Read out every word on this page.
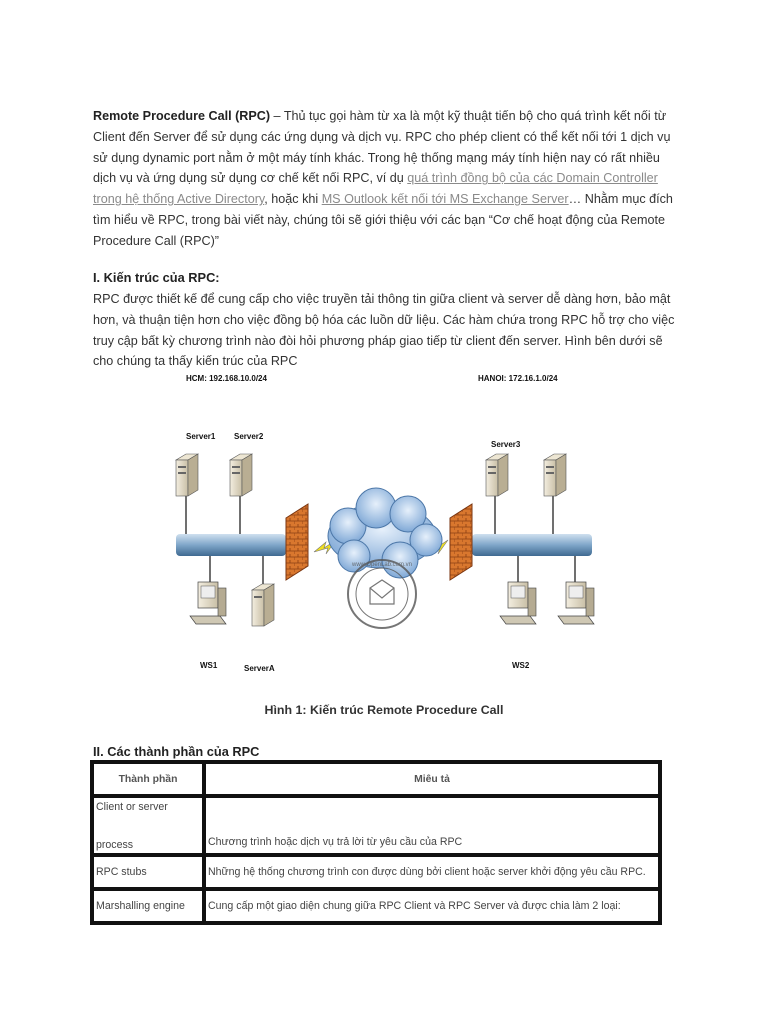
Remote Procedure Call (RPC) – Thủ tục gọi hàm từ xa là một kỹ thuật tiến bộ cho quá trình kết nối từ Client đến Server để sử dụng các ứng dụng và dịch vụ. RPC cho phép client có thể kết nối tới 1 dịch vụ sử dụng dynamic port nằm ở một máy tính khác. Trong hệ thống mạng máy tính hiện nay có rất nhiều dịch vụ và ứng dụng sử dụng cơ chế kết nối RPC, ví dụ quá trình đồng bộ của các Domain Controller trong hệ thống Active Directory, hoặc khi MS Outlook kết nối tới MS Exchange Server… Nhằm mục đích tìm hiểu về RPC, trong bài viết này, chúng tôi sẽ giới thiệu với các bạn “Cơ chế hoạt động của Remote Procedure Call (RPC)”
I. Kiến trúc của RPC:
RPC được thiết kế để cung cấp cho việc truyền tải thông tin giữa client và server dễ dàng hơn, bảo mật hơn, và thuận tiện hơn cho việc đồng bộ hóa các luồn dữ liệu. Các hàm chứa trong RPC hỗ trợ cho việc truy cập bất kỳ chương trình nào đòi hỏi phương pháp giao tiếp từ client đến server. Hình bên dưới sẽ cho chúng ta thấy kiến trúc của RPC
HCM: 192.168.10.0/24	HANOI: 172.16.1.0/24
Server1 Server2
Server3
WS1	ServerA	WS2
www.OpenLab.com.vn
Hình 1: Kiến trúc Remote Procedure Call
II. Các thành phần của RPC
Thành phần	Miêu tả

Client or server
process	Chương trình hoặc dịch vụ trả lời từ yêu cầu của RPC
RPC stubs	Những hệ thống chương trình con được dùng bởi client hoặc server khởi động yêu cầu RPC.
Marshalling engine	Cung cấp một giao diện chung giữa RPC Client và RPC Server và được chia làm 2 loại:
